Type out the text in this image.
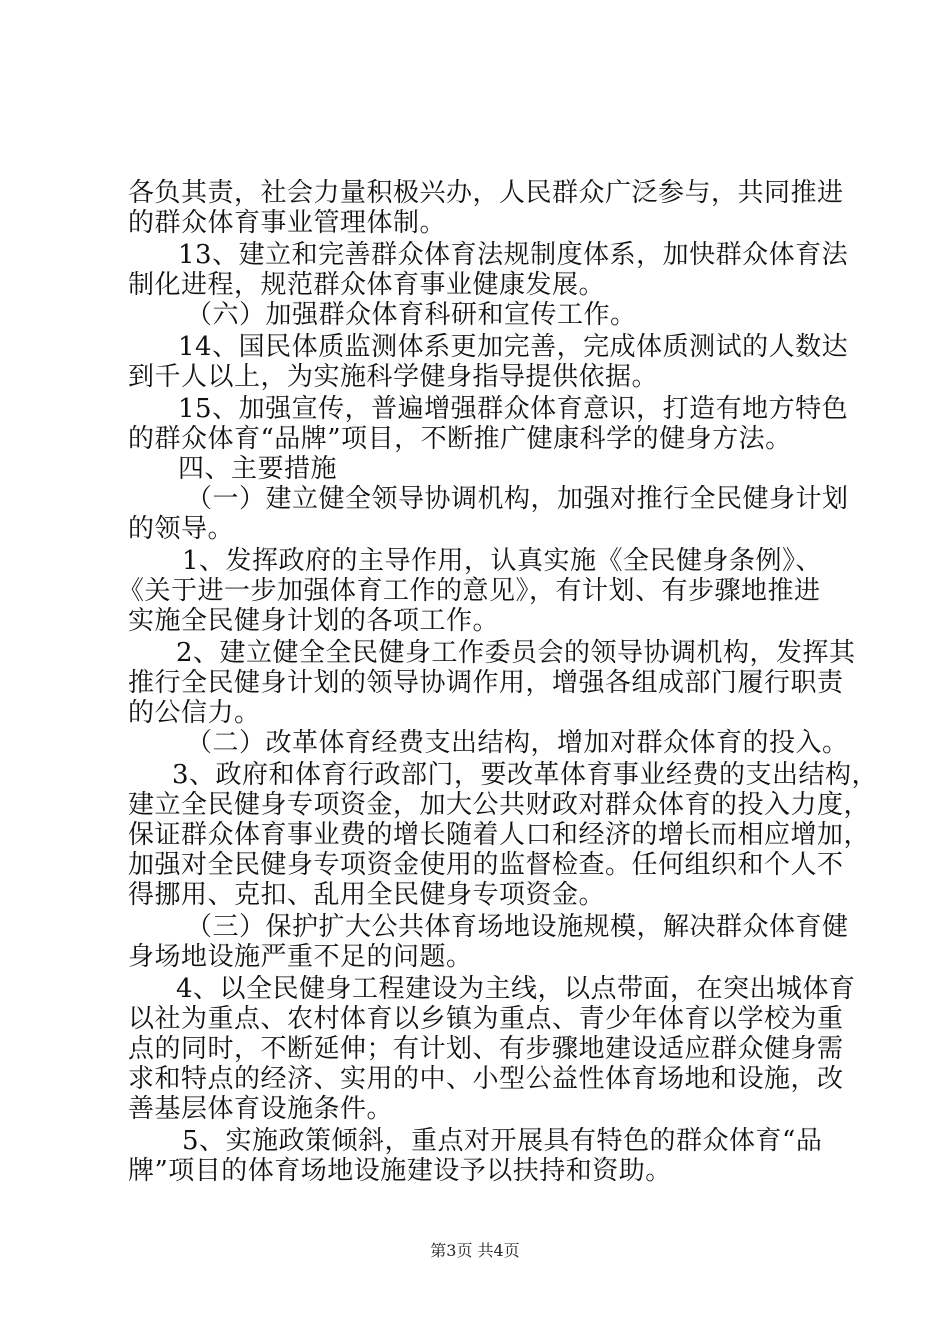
各负其责，社会力量积极兴办，人民群众广泛参与，共同推进
的群众体育事业管理体制。
13、建立和完善群众体育法规制度体系，加快群众体育法
制化进程，规范群众体育事业健康发展。
（六）加强群众体育科研和宣传工作。
14、国民体质监测体系更加完善，完成体质测试的人数达
到千人以上，为实施科学健身指导提供依据。
15、加强宣传，普遍增强群众体育意识，打造有地方特色
的群众体育“品牌”项目，不断推广健康科学的健身方法。
四、主要措施
（一）建立健全领导协调机构，加强对推行全民健身计划
的领导。
1、发挥政府的主导作用，认真实施《全民健身条例》、
《关于进一步加强体育工作的意见》，有计划、有步骤地推进
实施全民健身计划的各项工作。
2、建立健全全民健身工作委员会的领导协调机构，发挥其
推行全民健身计划的领导协调作用，增强各组成部门履行职责
的公信力。
（二）改革体育经费支出结构，增加对群众体育的投入。
3、政府和体育行政部门，要改革体育事业经费的支出结构，
建立全民健身专项资金，加大公共财政对群众体育的投入力度，
保证群众体育事业费的增长随着人口和经济的增长而相应增加，
加强对全民健身专项资金使用的监督检查。任何组织和个人不
得挪用、克扣、乱用全民健身专项资金。
（三）保护扩大公共体育场地设施规模，解决群众体育健
身场地设施严重不足的问题。
4、以全民健身工程建设为主线，以点带面，在突出城体育
以社为重点、农村体育以乡镇为重点、青少年体育以学校为重
点的同时，不断延伸；有计划、有步骤地建设适应群众健身需
求和特点的经济、实用的中、小型公益性体育场地和设施，改
善基层体育设施条件。
5、实施政策倾斜，重点对开展具有特色的群众体育“品
牌”项目的体育场地设施建设予以扶持和资助。
第3页 共4页
